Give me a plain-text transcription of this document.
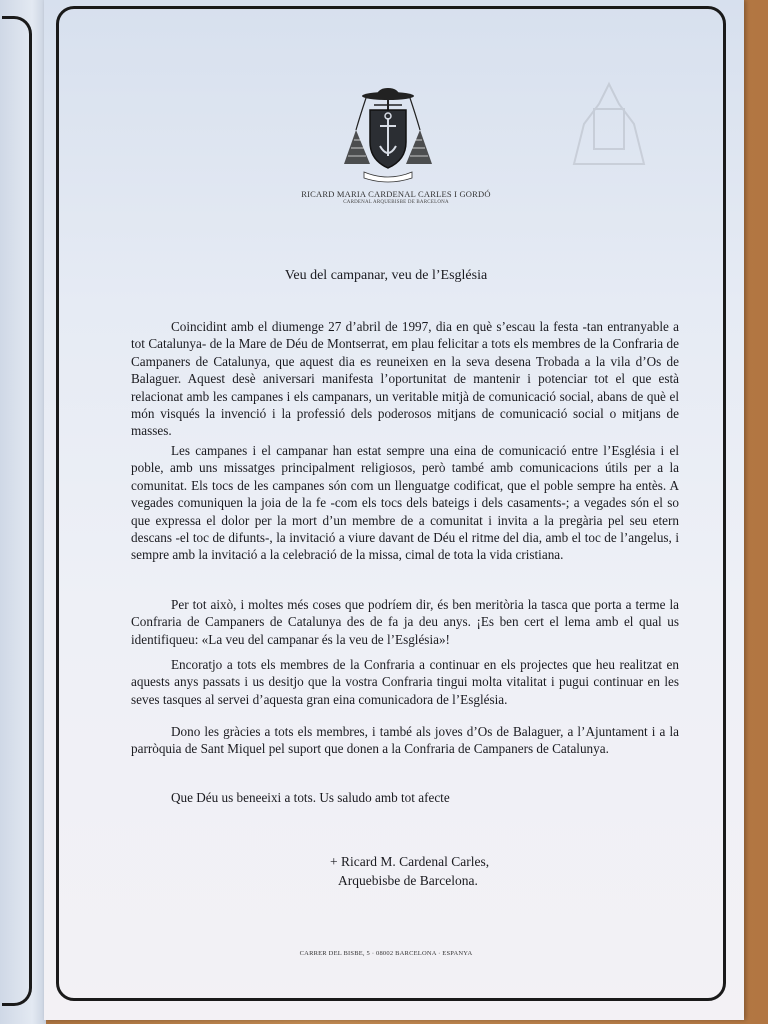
RICARD MARIA CARDENAL CARLES I GORDÓ
CARDENAL ARQUEBISBE DE BARCELONA
Veu del campanar, veu de l’Església

Coincidint amb el diumenge 27 d’abril de 1997, dia en què s’escau la festa -tan entranyable a tot Catalunya- de la Mare de Déu de Montserrat, em plau felicitar a tots els membres de la Confraria de Campaners de Catalunya, que aquest dia es reuneixen en la seva desena Trobada a la vila d’Os de Balaguer. Aquest desè aniversari manifesta l’oportunitat de mantenir i potenciar tot el que està relacionat amb les campanes i els campanars, un veritable mitjà de comunicació social, abans de què el món visqués la invenció i la professió dels poderosos mitjans de comunicació social o mitjans de masses.

Les campanes i el campanar han estat sempre una eina de comunicació entre l’Església i el poble, amb uns missatges principalment religiosos, però també amb comunicacions útils per a la comunitat. Els tocs de les campanes són com un llenguatge codificat, que el poble sempre ha entès. A vegades comuniquen la joia de la fe -com els tocs dels bateigs i dels casaments-; a vegades són el so que expressa el dolor per la mort d’un membre de a comunitat i invita a la pregària pel seu etern descans -el toc de difunts-, la invitació a viure davant de Déu el ritme del dia, amb el toc de l’angelus, i sempre amb la invitació a la celebració de la missa, cimal de tota la vida cristiana.

Per tot això, i moltes més coses que podríem dir, és ben meritòria la tasca que porta a terme la Confraria de Campaners de Catalunya des de fa ja deu anys. ¡Es ben cert el lema amb el qual us identifiqueu: «La veu del campanar és la veu de l’Església»!

Encoratjo a tots els membres de la Confraria a continuar en els projectes que heu realitzat en aquests anys passats i us desitjo que la vostra Confraria tingui molta vitalitat i pugui continuar en les seves tasques al servei d’aquesta gran eina comunicadora de l’Església.

Dono les gràcies a tots els membres, i també als joves d’Os de Balaguer, a l’Ajuntament i a la parròquia de Sant Miquel pel suport que donen a la Confraria de Campaners de Catalunya.

Que Déu us beneeixi a tots. Us saludo amb tot afecte

+ Ricard M. Cardenal Carles,
Arquebisbe de Barcelona.
CARRER DEL BISBE, 5 · 08002 BARCELONA · ESPANYA
